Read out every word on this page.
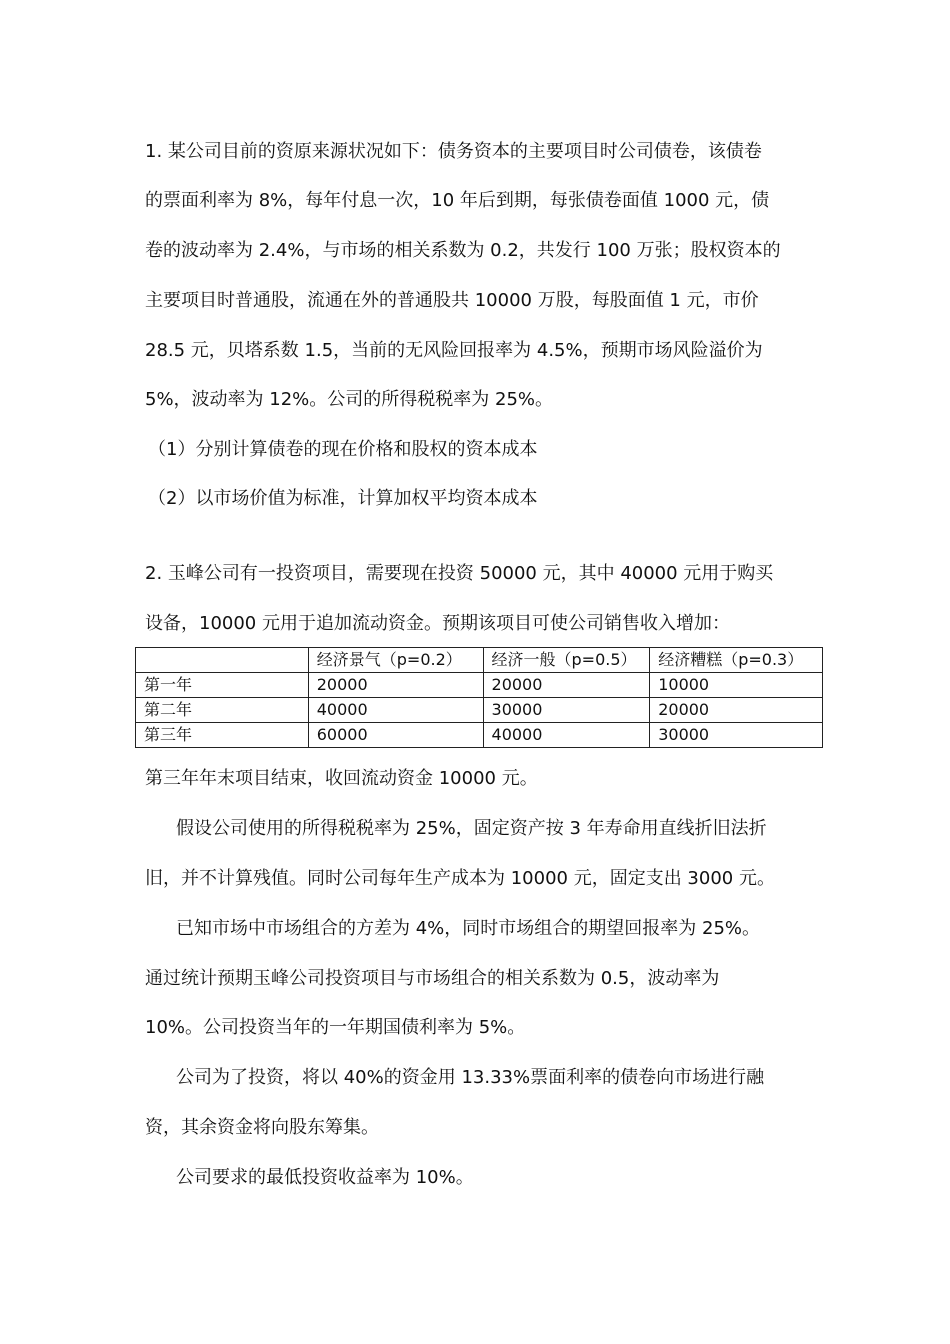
1. 某公司目前的资原来源状况如下：债务资本的主要项目时公司债卷，该债卷
的票面利率为 8%，每年付息一次，10 年后到期，每张债卷面值 1000 元，债
卷的波动率为 2.4%，与市场的相关系数为 0.2，共发行 100 万张；股权资本的
主要项目时普通股，流通在外的普通股共 10000 万股，每股面值 1 元，市价
28.5 元，贝塔系数 1.5，当前的无风险回报率为 4.5%，预期市场风险溢价为
5%，波动率为 12%。公司的所得税税率为 25%。
（1）分别计算债卷的现在价格和股权的资本成本
（2）以市场价值为标准，计算加权平均资本成本
2. 玉峰公司有一投资项目，需要现在投资 50000 元，其中 40000 元用于购买
设备，10000 元用于追加流动资金。预期该项目可使公司销售收入增加：
	经济景气（p=0.2）	经济一般（p=0.5）	经济糟糕（p=0.3）
第一年	20000	20000	10000
第二年	40000	30000	20000
第三年	60000	40000	30000
第三年年末项目结束，收回流动资金 10000 元。
假设公司使用的所得税税率为 25%，固定资产按 3 年寿命用直线折旧法折
旧，并不计算残值。同时公司每年生产成本为 10000 元，固定支出 3000 元。
已知市场中市场组合的方差为 4%，同时市场组合的期望回报率为 25%。
通过统计预期玉峰公司投资项目与市场组合的相关系数为 0.5，波动率为
10%。公司投资当年的一年期国债利率为 5%。
公司为了投资，将以 40%的资金用 13.33%票面利率的债卷向市场进行融
资，其余资金将向股东筹集。
公司要求的最低投资收益率为 10%。
